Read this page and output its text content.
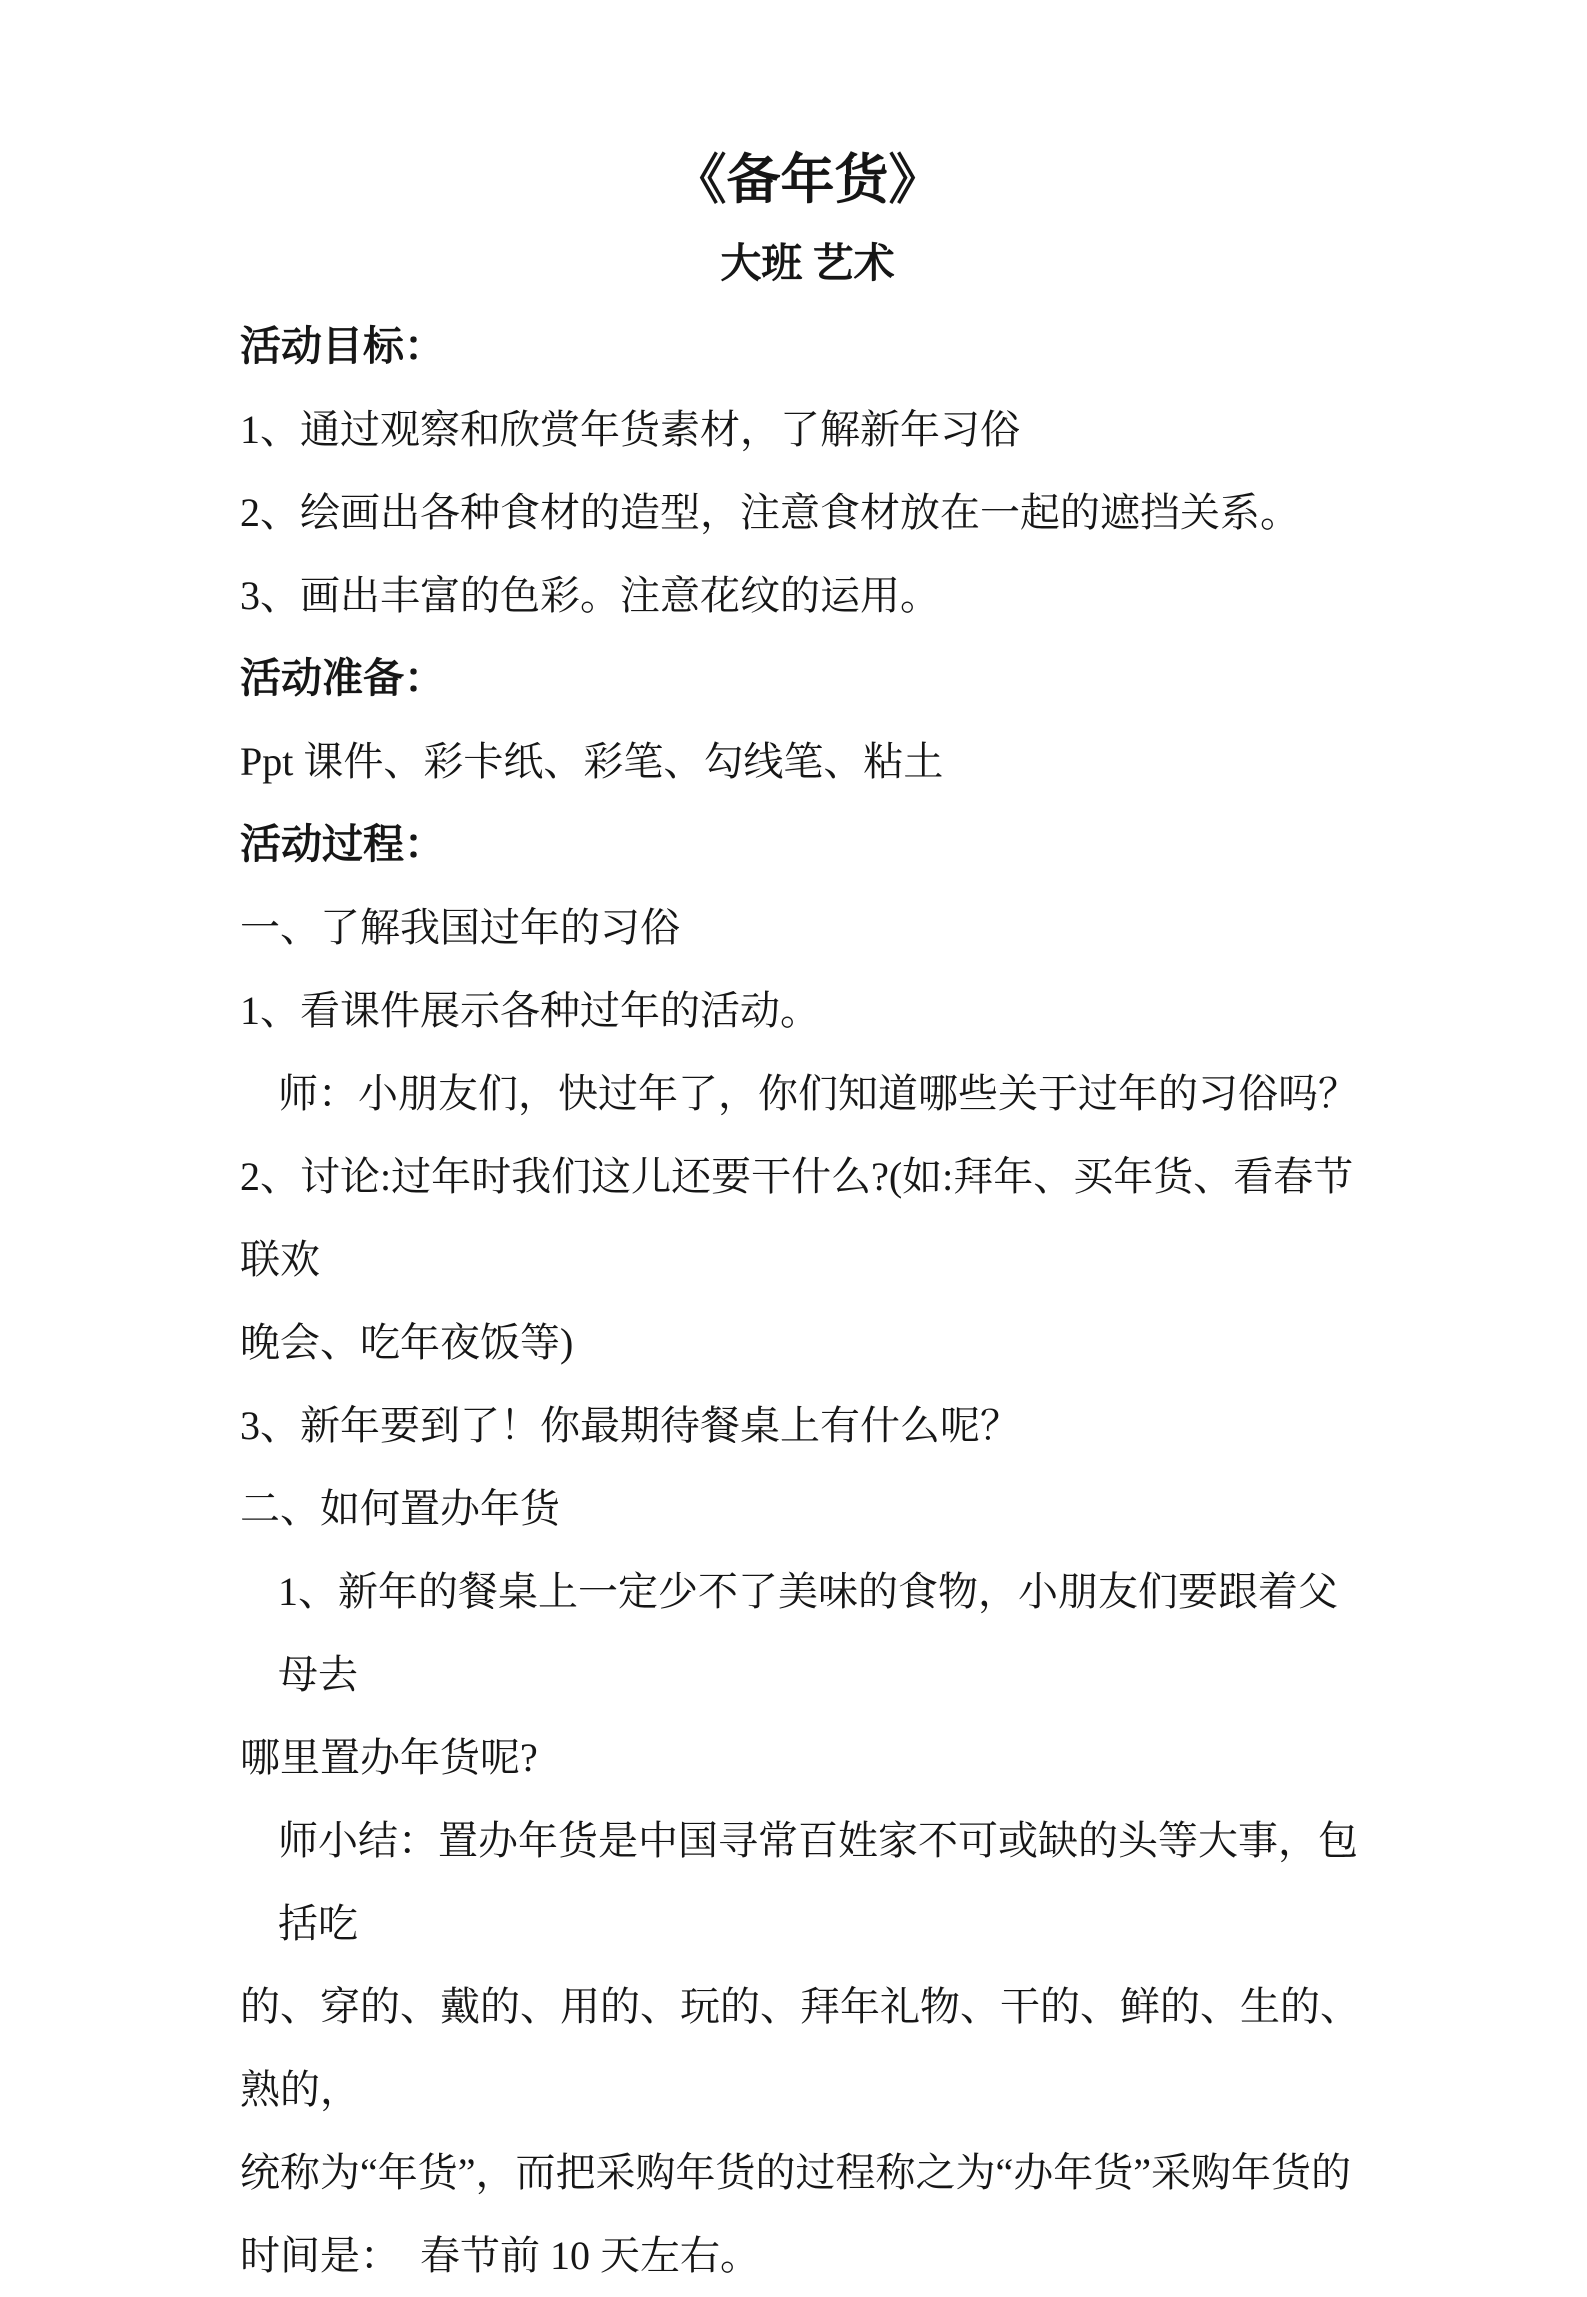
《备年货》
大班 艺术
活动目标：
1、通过观察和欣赏年货素材，了解新年习俗
2、绘画出各种食材的造型，注意食材放在一起的遮挡关系。
3、画出丰富的色彩。注意花纹的运用。
活动准备：
Ppt 课件、彩卡纸、彩笔、勾线笔、粘土
活动过程：
一、了解我国过年的习俗
1、看课件展示各种过年的活动。
师：小朋友们，快过年了，你们知道哪些关于过年的习俗吗？
2、讨论:过年时我们这儿还要干什么?(如:拜年、买年货、看春节联欢
晚会、吃年夜饭等)
3、新年要到了！你最期待餐桌上有什么呢？
二、如何置办年货
1、新年的餐桌上一定少不了美味的食物，小朋友们要跟着父母去
哪里置办年货呢?
师小结：置办年货是中国寻常百姓家不可或缺的头等大事，包括吃
的、穿的、戴的、用的、玩的、拜年礼物、干的、鲜的、生的、熟的，
统称为“年货”，而把采购年货的过程称之为“办年货”采购年货的
时间是：  春节前 10 天左右。
